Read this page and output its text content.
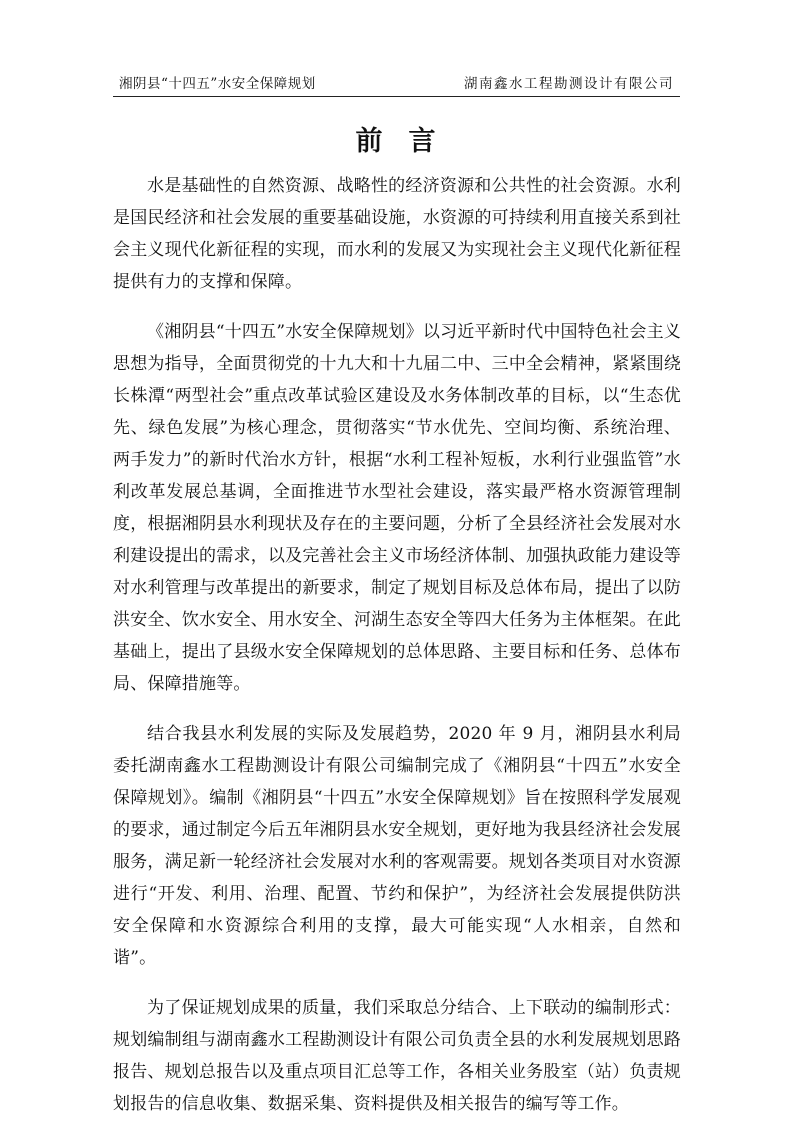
湘阴县“十四五”水安全保障规划	湖南鑫水工程勘测设计有限公司
前 言

水是基础性的自然资源、战略性的经济资源和公共性的社会资源。水利是国民经济和社会发展的重要基础设施，水资源的可持续利用直接关系到社会主义现代化新征程的实现，而水利的发展又为实现社会主义现代化新征程提供有力的支撑和保障。

《湘阴县“十四五”水安全保障规划》以习近平新时代中国特色社会主义思想为指导，全面贯彻党的十九大和十九届二中、三中全会精神，紧紧围绕长株潭“两型社会”重点改革试验区建设及水务体制改革的目标，以“生态优先、绿色发展”为核心理念，贯彻落实“节水优先、空间均衡、系统治理、两手发力”的新时代治水方针，根据“水利工程补短板，水利行业强监管”水利改革发展总基调，全面推进节水型社会建设，落实最严格水资源管理制度，根据湘阴县水利现状及存在的主要问题，分析了全县经济社会发展对水利建设提出的需求，以及完善社会主义市场经济体制、加强执政能力建设等对水利管理与改革提出的新要求，制定了规划目标及总体布局，提出了以防洪安全、饮水安全、用水安全、河湖生态安全等四大任务为主体框架。在此基础上，提出了县级水安全保障规划的总体思路、主要目标和任务、总体布局、保障措施等。

结合我县水利发展的实际及发展趋势，2020 年 9 月，湘阴县水利局委托湖南鑫水工程勘测设计有限公司编制完成了《湘阴县“十四五”水安全保障规划》。编制《湘阴县“十四五”水安全保障规划》旨在按照科学发展观的要求，通过制定今后五年湘阴县水安全规划，更好地为我县经济社会发展服务，满足新一轮经济社会发展对水利的客观需要。规划各类项目对水资源进行“开发、利用、治理、配置、节约和保护”，为经济社会发展提供防洪安全保障和水资源综合利用的支撑，最大可能实现“人水相亲，自然和谐”。

为了保证规划成果的质量，我们采取总分结合、上下联动的编制形式：规划编制组与湖南鑫水工程勘测设计有限公司负责全县的水利发展规划思路报告、规划总报告以及重点项目汇总等工作，各相关业务股室（站）负责规划报告的信息收集、数据采集、资料提供及相关报告的编写等工作。
